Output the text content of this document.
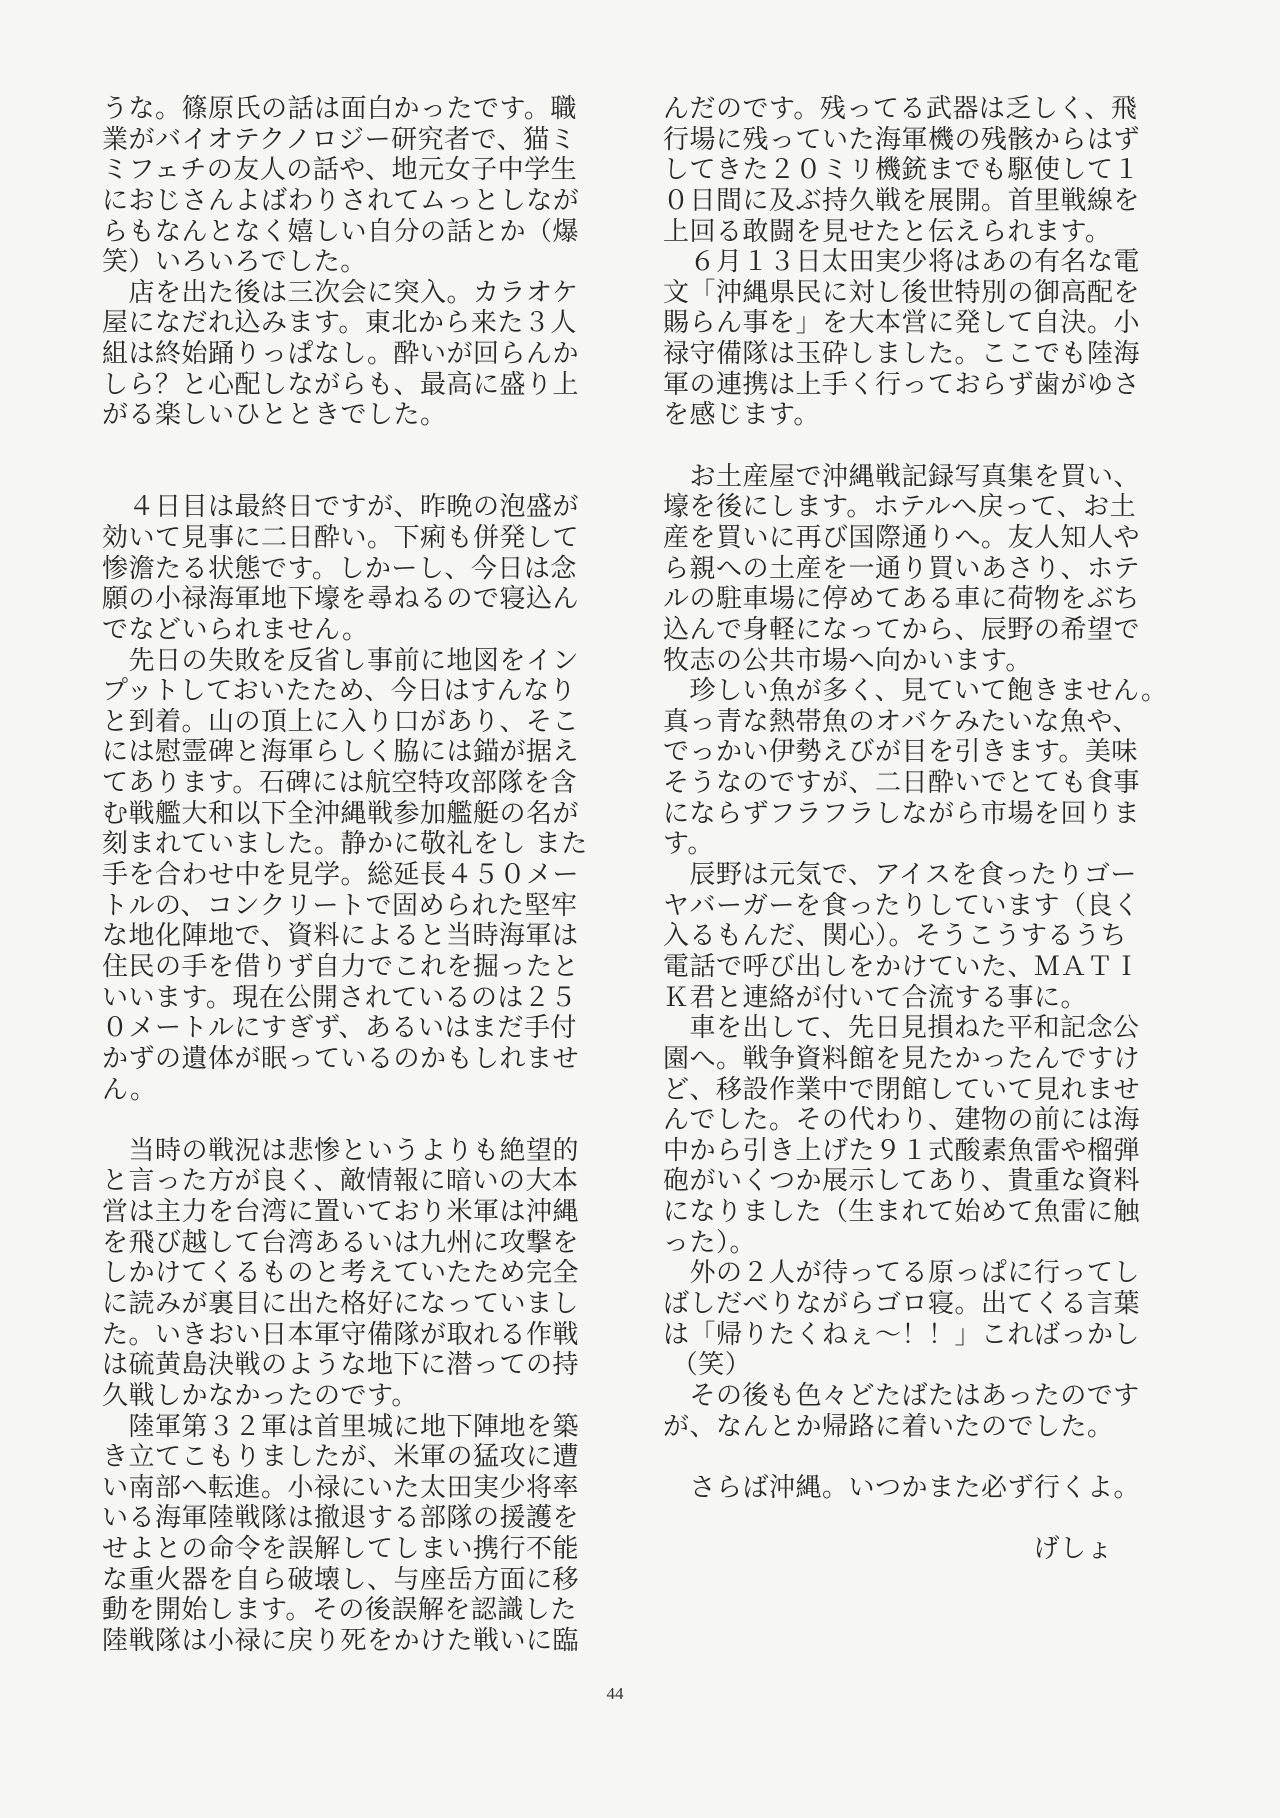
うな。篠原氏の話は面白かったです。職
業がバイオテクノロジー研究者で、猫ミ
ミフェチの友人の話や、地元女子中学生
におじさんよばわりされてムっとしなが
らもなんとなく嬉しい自分の話とか（爆
笑）いろいろでした。
　店を出た後は三次会に突入。カラオケ
屋になだれ込みます。東北から来た３人
組は終始踊りっぱなし。酔いが回らんか
しら？と心配しながらも、最高に盛り上
がる楽しいひとときでした。
　４日目は最終日ですが、昨晩の泡盛が
効いて見事に二日酔い。下痢も併発して
惨澹たる状態です。しかーし、今日は念
願の小禄海軍地下壕を尋ねるので寝込ん
でなどいられません。
　先日の失敗を反省し事前に地図をイン
プットしておいたため、今日はすんなり
と到着。山の頂上に入り口があり、そこ
には慰霊碑と海軍らしく脇には錨が据え
てあります。石碑には航空特攻部隊を含
む戦艦大和以下全沖縄戦参加艦艇の名が
刻まれていました。静かに敬礼をし また
手を合わせ中を見学。総延長４５０メー
トルの、コンクリートで固められた堅牢
な地化陣地で、資料によると当時海軍は
住民の手を借りず自力でこれを掘ったと
いいます。現在公開されているのは２５
０メートルにすぎず、あるいはまだ手付
かずの遺体が眠っているのかもしれませ
ん。
　当時の戦況は悲惨というよりも絶望的
と言った方が良く、敵情報に暗いの大本
営は主力を台湾に置いており米軍は沖縄
を飛び越して台湾あるいは九州に攻撃を
しかけてくるものと考えていたため完全
に読みが裏目に出た格好になっていまし
た。いきおい日本軍守備隊が取れる作戦
は硫黄島決戦のような地下に潜っての持
久戦しかなかったのです。
　陸軍第３２軍は首里城に地下陣地を築
き立てこもりましたが、米軍の猛攻に遭
い南部へ転進。小禄にいた太田実少将率
いる海軍陸戦隊は撤退する部隊の援護を
せよとの命令を誤解してしまい携行不能
な重火器を自ら破壊し、与座岳方面に移
動を開始します。その後誤解を認識した
陸戦隊は小禄に戻り死をかけた戦いに臨
んだのです。残ってる武器は乏しく、飛
行場に残っていた海軍機の残骸からはず
してきた２０ミリ機銃までも駆使して１
０日間に及ぶ持久戦を展開。首里戦線を
上回る敢闘を見せたと伝えられます。
　６月１３日太田実少将はあの有名な電
文「沖縄県民に対し後世特別の御高配を
賜らん事を」を大本営に発して自決。小
禄守備隊は玉砕しました。ここでも陸海
軍の連携は上手く行っておらず歯がゆさ
を感じます。
　お土産屋で沖縄戦記録写真集を買い、
壕を後にします。ホテルへ戻って、お土
産を買いに再び国際通りへ。友人知人や
ら親への土産を一通り買いあさり、ホテ
ルの駐車場に停めてある車に荷物をぶち
込んで身軽になってから、辰野の希望で
牧志の公共市場へ向かいます。
　珍しい魚が多く、見ていて飽きません。
真っ青な熱帯魚のオバケみたいな魚や、
でっかい伊勢えびが目を引きます。美味
そうなのですが、二日酔いでとても食事
にならずフラフラしながら市場を回りま
す。
　辰野は元気で、アイスを食ったりゴー
ヤバーガーを食ったりしています（良く
入るもんだ、関心）。そうこうするうち
電話で呼び出しをかけていた、ＭＡＴＩ
Ｋ君と連絡が付いて合流する事に。
　車を出して、先日見損ねた平和記念公
園へ。戦争資料館を見たかったんですけ
ど、移設作業中で閉館していて見れませ
んでした。その代わり、建物の前には海
中から引き上げた９１式酸素魚雷や榴弾
砲がいくつか展示してあり、貴重な資料
になりました（生まれて始めて魚雷に触
った）。
　外の２人が待ってる原っぱに行ってし
ばしだべりながらゴロ寝。出てくる言葉
は「帰りたくねぇ～！！」こればっかし
（笑）
　その後も色々どたばたはあったのです
が、なんとか帰路に着いたのでした。
　さらば沖縄。いつかまた必ず行くよ。
げしょ
44
